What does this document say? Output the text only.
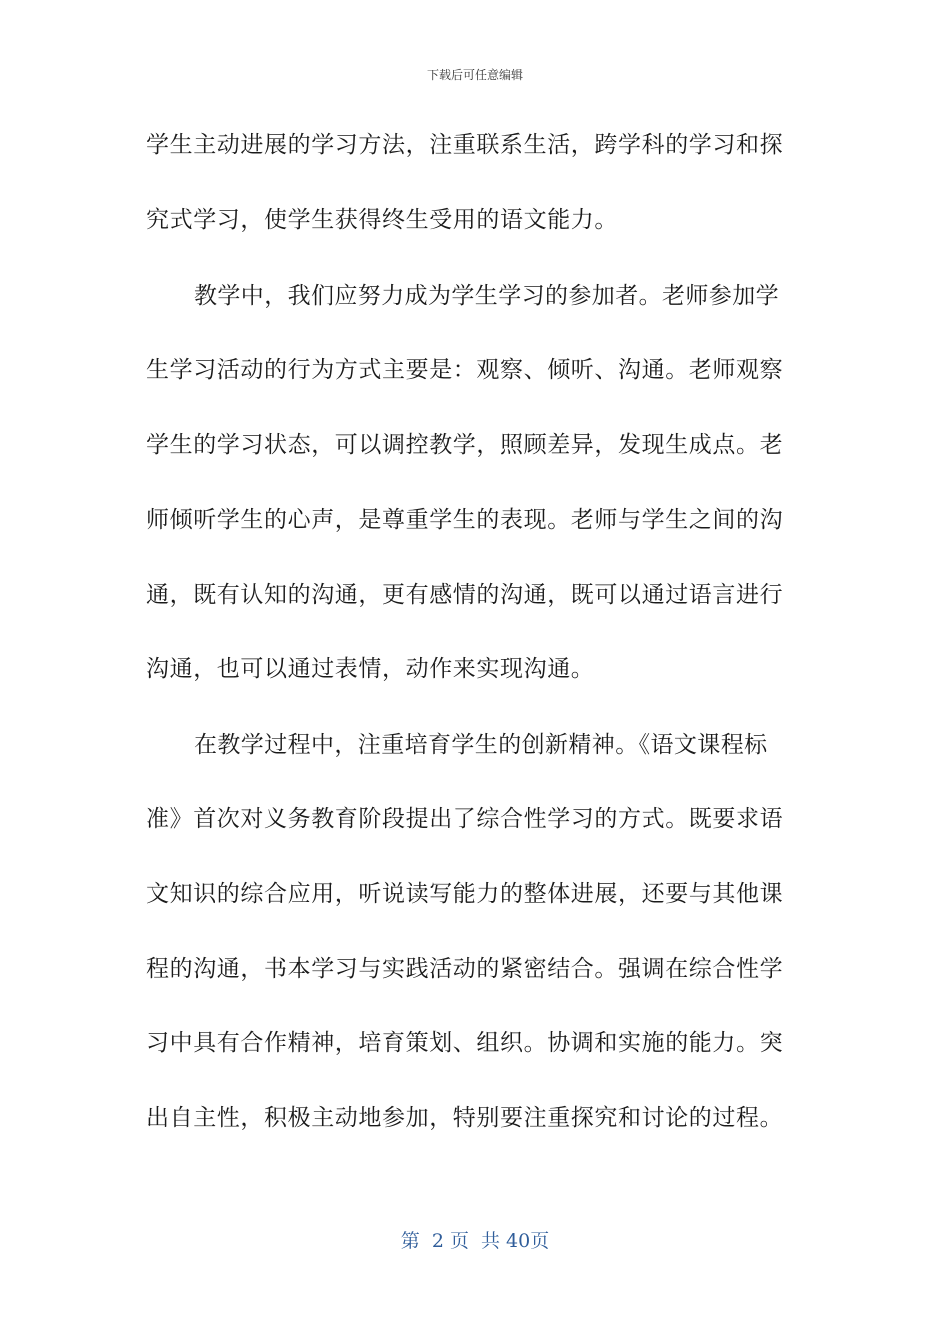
下载后可任意编辑
学生主动进展的学习方法，注重联系生活，跨学科的学习和探
究式学习，使学生获得终生受用的语文能力。
教学中，我们应努力成为学生学习的参加者。老师参加学
生学习活动的行为方式主要是：观察、倾听、沟通。老师观察
学生的学习状态，可以调控教学，照顾差异，发现生成点。老
师倾听学生的心声，是尊重学生的表现。老师与学生之间的沟
通，既有认知的沟通，更有感情的沟通，既可以通过语言进行
沟通，也可以通过表情，动作来实现沟通。
在教学过程中，注重培育学生的创新精神。《语文课程标
准》首次对义务教育阶段提出了综合性学习的方式。既要求语
文知识的综合应用，听说读写能力的整体进展，还要与其他课
程的沟通，书本学习与实践活动的紧密结合。强调在综合性学
习中具有合作精神，培育策划、组织。协调和实施的能力。突
出自主性，积极主动地参加，特别要注重探究和讨论的过程。
第  2 页  共 40页
